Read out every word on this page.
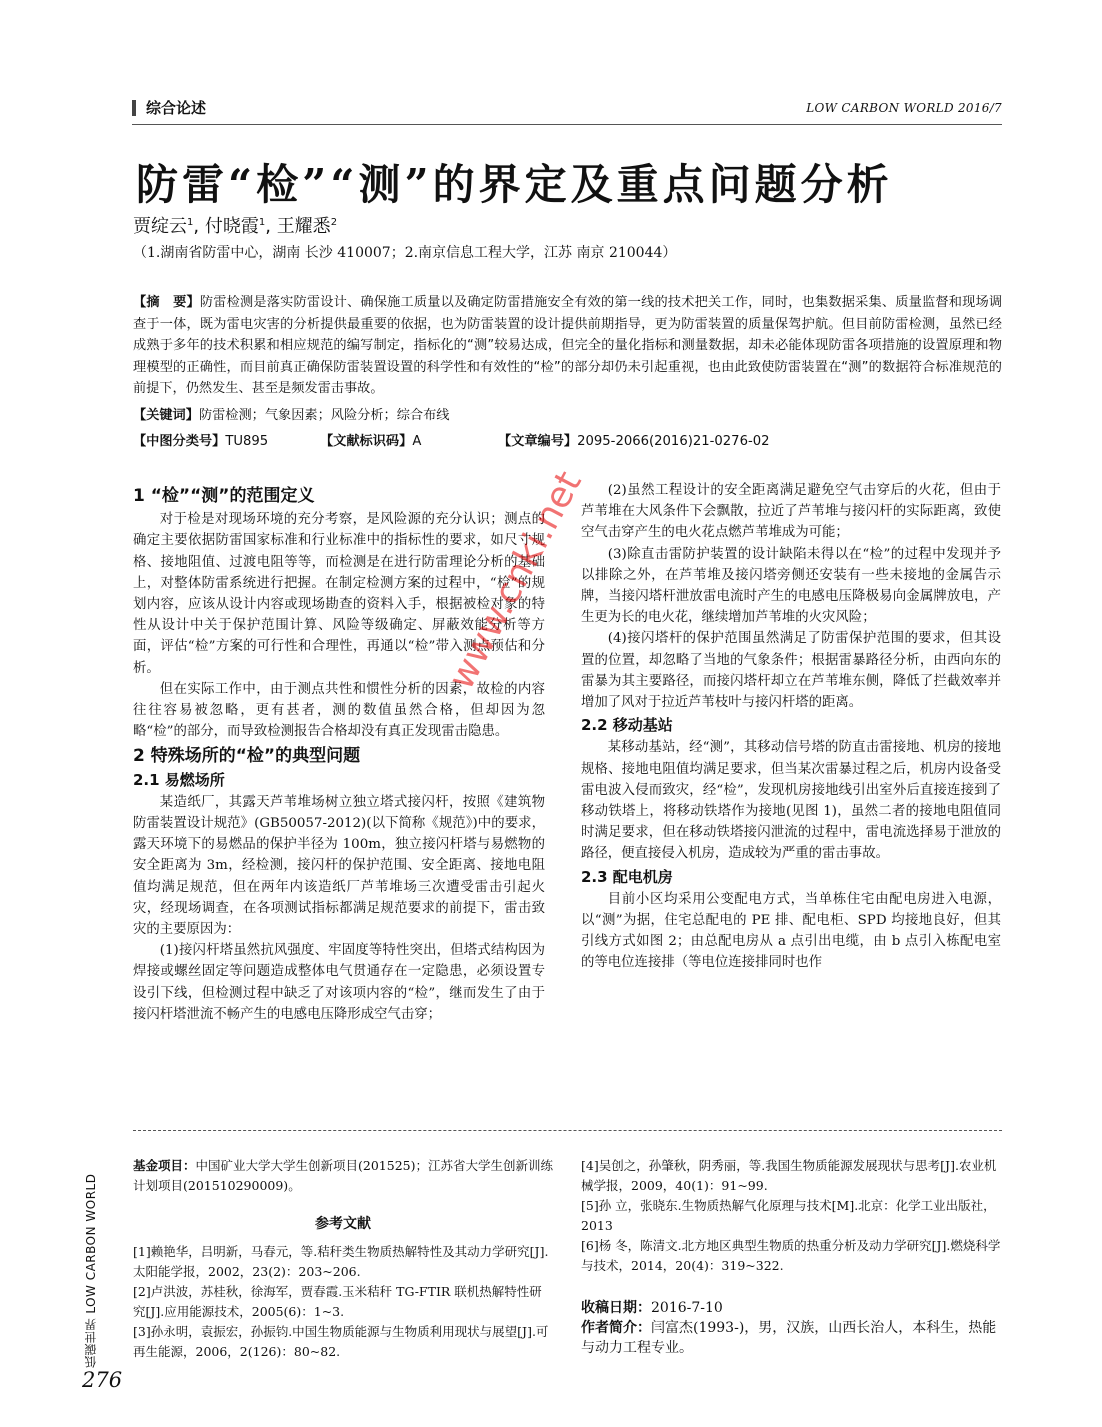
综合论述	LOW CARBON WORLD 2016/7
防雷“检”“测”的界定及重点问题分析
贾绽云$^1$, 付晓霞$^1$, 王耀悉$^2$
（1.湖南省防雷中心，湖南 长沙 410007；2.南京信息工程大学，江苏 南京 210044）
【摘　要】防雷检测是落实防雷设计、确保施工质量以及确定防雷措施安全有效的第一线的技术把关工作，同时，也集数据采集、质量监督和现场调查于一体，既为雷电灾害的分析提供最重要的依据，也为防雷装置的设计提供前期指导，更为防雷装置的质量保驾护航。但目前防雷检测，虽然已经成熟于多年的技术积累和相应规范的编写制定，指标化的“测”较易达成，但完全的量化指标和测量数据，却未必能体现防雷各项措施的设置原理和物理模型的正确性，而目前真正确保防雷装置设置的科学性和有效性的“检”的部分却仍未引起重视，也由此致使防雷装置在“测”的数据符合标准规范的前提下，仍然发生、甚至是频发雷击事故。
【关键词】防雷检测；气象因素；风险分析；综合布线
【中图分类号】TU895	【文献标识码】A	【文章编号】2095-2066(2016)21-0276-02
1 “检”“测”的范围定义

对于检是对现场环境的充分考察，是风险源的充分认识；测点的确定主要依据防雷国家标准和行业标准中的指标性的要求，如尺寸规格、接地阻值、过渡电阻等等，而检测是在进行防雷理论分析的基础上，对整体防雷系统进行把握。在制定检测方案的过程中，“检”的规划内容，应该从设计内容或现场勘查的资料入手，根据被检对象的特性从设计中关于保护范围计算、风险等级确定、屏蔽效能分析等方面，评估“检”方案的可行性和合理性，再通以“检”带入测点预估和分析。

但在实际工作中，由于测点共性和惯性分析的因素，故检的内容往往容易被忽略，更有甚者，测的数值虽然合格，但却因为忽略“检”的部分，而导致检测报告合格却没有真正发现雷击隐患。

2 特殊场所的“检”的典型问题
2.1 易燃场所

某造纸厂，其露天芦苇堆场树立独立塔式接闪杆，按照《建筑物防雷装置设计规范》(GB50057-2012)(以下简称《规范》)中的要求，露天环境下的易燃品的保护半径为 100m，独立接闪杆塔与易燃物的安全距离为 3m，经检测，接闪杆的保护范围、安全距离、接地电阻值均满足规范，但在两年内该造纸厂芦苇堆场三次遭受雷击引起火灾，经现场调查，在各项测试指标都满足规范要求的前提下，雷击致灾的主要原因为：

(1)接闪杆塔虽然抗风强度、牢固度等特性突出，但塔式结构因为焊接或螺丝固定等问题造成整体电气贯通存在一定隐患，必须设置专设引下线，但检测过程中缺乏了对该项内容的“检”，继而发生了由于接闪杆塔泄流不畅产生的电感电压降形成空气击穿；

(2)虽然工程设计的安全距离满足避免空气击穿后的火花，但由于芦苇堆在大风条件下会飘散，拉近了芦苇堆与接闪杆的实际距离，致使空气击穿产生的电火花点燃芦苇堆成为可能；

(3)除直击雷防护装置的设计缺陷未得以在“检”的过程中发现并予以排除之外，在芦苇堆及接闪塔旁侧还安装有一些未接地的金属告示牌，当接闪塔杆泄放雷电流时产生的电感电压降极易向金属牌放电，产生更为长的电火花，继续增加芦苇堆的火灾风险；

(4)接闪塔杆的保护范围虽然满足了防雷保护范围的要求，但其设置的位置，却忽略了当地的气象条件；根据雷暴路径分析，由西向东的雷暴为其主要路径，而接闪塔杆却立在芦苇堆东侧，降低了拦截效率并增加了风对于拉近芦苇枝叶与接闪杆塔的距离。

2.2 移动基站

某移动基站，经“测”，其移动信号塔的防直击雷接地、机房的接地规格、接地电阻值均满足要求，但当某次雷暴过程之后，机房内设备受雷电波入侵而致灾，经“检”，发现机房接地线引出室外后直接连接到了移动铁塔上，将移动铁塔作为接地(见图 1)，虽然二者的接地电阻值同时满足要求，但在移动铁塔接闪泄流的过程中，雷电流选择易于泄放的路径，便直接侵入机房，造成较为严重的雷击事故。

2.3 配电机房

目前小区均采用公变配电方式，当单栋住宅由配电房进入电源，以“测”为据，住宅总配电的 PE 排、配电柜、SPD 均接地良好，但其引线方式如图 2；由总配电房从 a 点引出电缆，由 b 点引入栋配电室的等电位连接排（等电位连接排同时也作

基金项目：中国矿业大学大学生创新项目(201525)；江苏省大学生创新训练计划项目(201510290009)。

参考文献

[1]赖艳华，吕明新，马春元，等.秸秆类生物质热解特性及其动力学研究[J].太阳能学报，2002，23(2)：203~206.

[2]卢洪波，苏桂秋，徐海军，贾春霞.玉米秸秆 TG-FTIR 联机热解特性研究[J].应用能源技术，2005(6)：1~3.

[3]孙永明，袁振宏，孙振钧.中国生物质能源与生物质利用现状与展望[J].可再生能源，2006，2(126)：80~82.

[4]吴创之，孙肇秋，阴秀丽，等.我国生物质能源发展现状与思考[J].农业机械学报，2009，40(1)：91~99.

[5]孙 立，张晓东.生物质热解气化原理与技术[M].北京：化学工业出版社，2013

[6]杨 冬，陈清文.北方地区典型生物质的热重分析及动力学研究[J].燃烧科学与技术，2014，20(4)：319~322.

收稿日期：2016-7-10

作者简介：闫富杰(1993-)，男，汉族，山西长治人，本科生，热能与动力工程专业。

低碳世界 LOW CARBON WORLD
276
www.cnki.net
